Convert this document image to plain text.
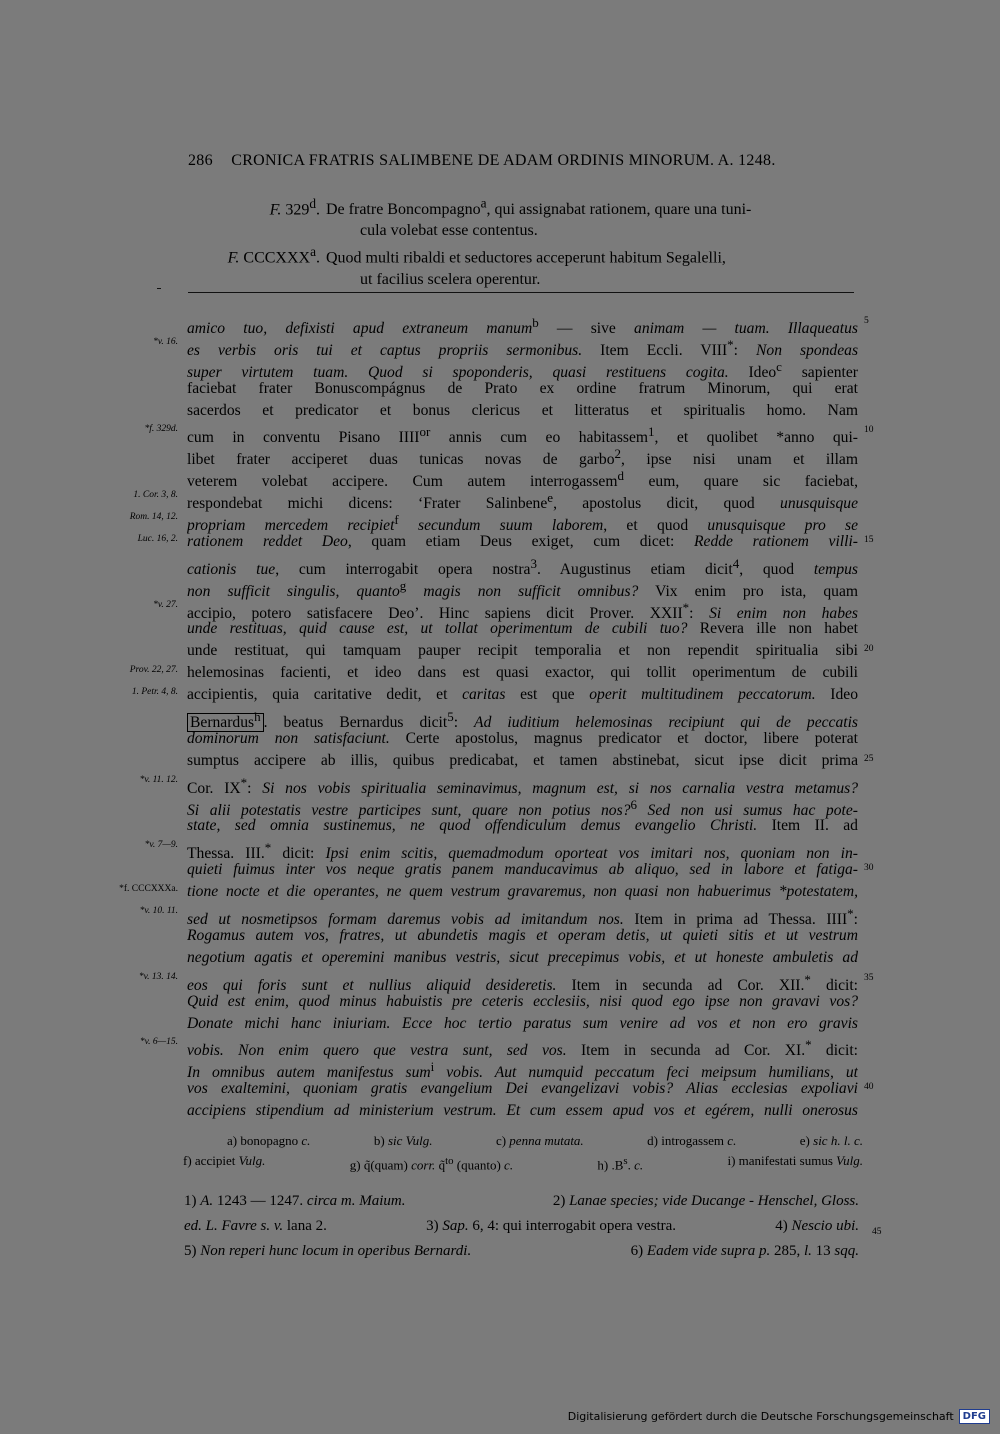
286 CRONICA FRATRIS SALIMBENE DE ADAM ORDINIS MINORUM. A. 1248.
F. 329$^d$. De fratre Boncompagno$^a$, qui assignabat rationem, quare una tuni-
cula volebat esse contentus.
F. CCCXXX$^a$. Quod multi ribaldi et seductores acceperunt habitum Segalelli,
ut facilius scelera operentur.
amico tuo, defixisti apud extraneum manum$^b$ — sive animam — tuam. Illaqueatus 5
*v. 16.
es verbis oris tui et captus propriis sermonibus. Item Eccli. VIII*: Non spondeas
super virtutem tuam. Quod si spoponderis, quasi restituens cogita. Ideo$^c$ sapienter
faciebat frater Bonuscompágnus de Prato ex ordine fratrum Minorum, qui erat
sacerdos et predicator et bonus clericus et litteratus et spiritualis homo. Nam
*f. 329d.
cum in conventu Pisano $IIII^{or}$ annis cum eo habitassem$^1$, et quolibet *anno qui- 10
libet frater acciperet duas tunicas novas de garbo$^2$, ipse nisi unam et illam
veterem volebat accipere. Cum autem interrogassem$^d$ eum, quare sic faciebat,
1. Cor. 3, 8.
respondebat michi dicens: ‘Frater Salinbene$^e$, apostolus dicit, quod unusquisque
Rom. 14, 12.
propriam mercedem recipiet$^f$ secundum suum laborem, et quod unusquisque pro se
Luc. 16, 2. rationem reddet Deo, quam etiam Deus exiget, cum dicet: Redde rationem villi- 15
cationis tue, cum interrogabit opera nostra$^3$. Augustinus etiam dicit$^4$, quod tempus
non sufficit singulis, quanto$^g$ magis non sufficit omnibus? Vix enim pro ista, quam
*v. 27.
accipio, potero satisfacere Deo’. Hinc sapiens dicit Prover. XXII*: Si enim non habes
unde restituas, quid cause est, ut tollat operimentum de cubili tuo? Revera ille non habet
unde restituat, qui tamquam pauper recipit temporalia et non rependit spiritualia sibi 20
Prov. 22, 27. helemosinas facienti, et ideo dans est quasi exactor, qui tollit operimentum de cubili
1. Petr. 4, 8. accipientis, quia caritative dedit, et caritas est que operit multitudinem peccatorum. Ideo
Bernardus$^h$ . beatus Bernardus dicit$^5$: Ad iuditium helemosinas recipiunt qui de peccatis
dominorum non satisfaciunt. Certe apostolus, magnus predicator et doctor, libere poterat
sumptus accipere ab illis, quibus predicabat, et tamen abstinebat, sicut ipse dicit prima 25
*v. 11. 12.
Cor. IX*: Si nos vobis spiritualia seminavimus, magnum est, si nos carnalia vestra metamus?
Si alii potestatis vestre participes sunt, quare non potius nos?$^6$ Sed non usi sumus hac pote-
state, sed omnia sustinemus, ne quod offendiculum demus evangelio Christi. Item II. ad
*v. 7—9.
Thessa. III.* dicit: Ipsi enim scitis, quemadmodum oporteat vos imitari nos, quoniam non in-
quieti fuimus inter vos neque gratis panem manducavimus ab aliquo, sed in labore et fatiga- 30
*f. CCCXXXa. tione nocte et die operantes, ne quem vestrum gravaremus, non quasi non habuerimus *potestatem,
*v. 10. 11.
sed ut nosmetipsos formam daremus vobis ad imitandum nos. Item in prima ad Thessa. IIII*:
Rogamus autem vos, fratres, ut abundetis magis et operam detis, ut quieti sitis et ut vestrum
negotium agatis et operemini manibus vestris, sicut precepimus vobis, et ut honeste ambuletis ad
*v. 13. 14.
eos qui foris sunt et nullius aliquid desideretis. Item in secunda ad Cor. XII.* dicit: 35
Quid est enim, quod minus habuistis pre ceteris ecclesiis, nisi quod ego ipse non gravavi vos?
Donate michi hanc iniuriam. Ecce hoc tertio paratus sum venire ad vos et non ero gravis
*v. 6—15.
vobis. Non enim quero que vestra sunt, sed vos. Item in secunda ad Cor. XI.* dicit:
In omnibus autem manifestus sum$^i$ vobis. Aut numquid peccatum feci meipsum humilians, ut
vos exaltemini, quoniam gratis evangelium Dei evangelizavi vobis? Alias ecclesias expoliavi 40
accipiens stipendium ad ministerium vestrum. Et cum essem apud vos et egérem, nulli onerosus
a) bonopagno c.	b) sic Vulg.	c) penna mutata.	d) introgassem c.	e) sic h. l. c.
f) accipiet Vulg.	g) q̃(quam) corr. q̃$^{to}$ (quanto) c.	h) $.B^s$. c.	i) manifestati sumus Vulg.
1) A. 1243 — 1247. circa m. Maium.	2) Lanae species; vide Ducange - Henschel, Gloss.
ed. L. Favre s. v. lana 2.	3) Sap. 6, 4: qui interrogabit opera vestra.	4) Nescio ubi. 45
5) Non reperi hunc locum in operibus Bernardi.	6) Eadem vide supra p. 285, l. 13 sqq.
Digitalisierung gefördert durch die Deutsche Forschungsgemeinschaft DFG
